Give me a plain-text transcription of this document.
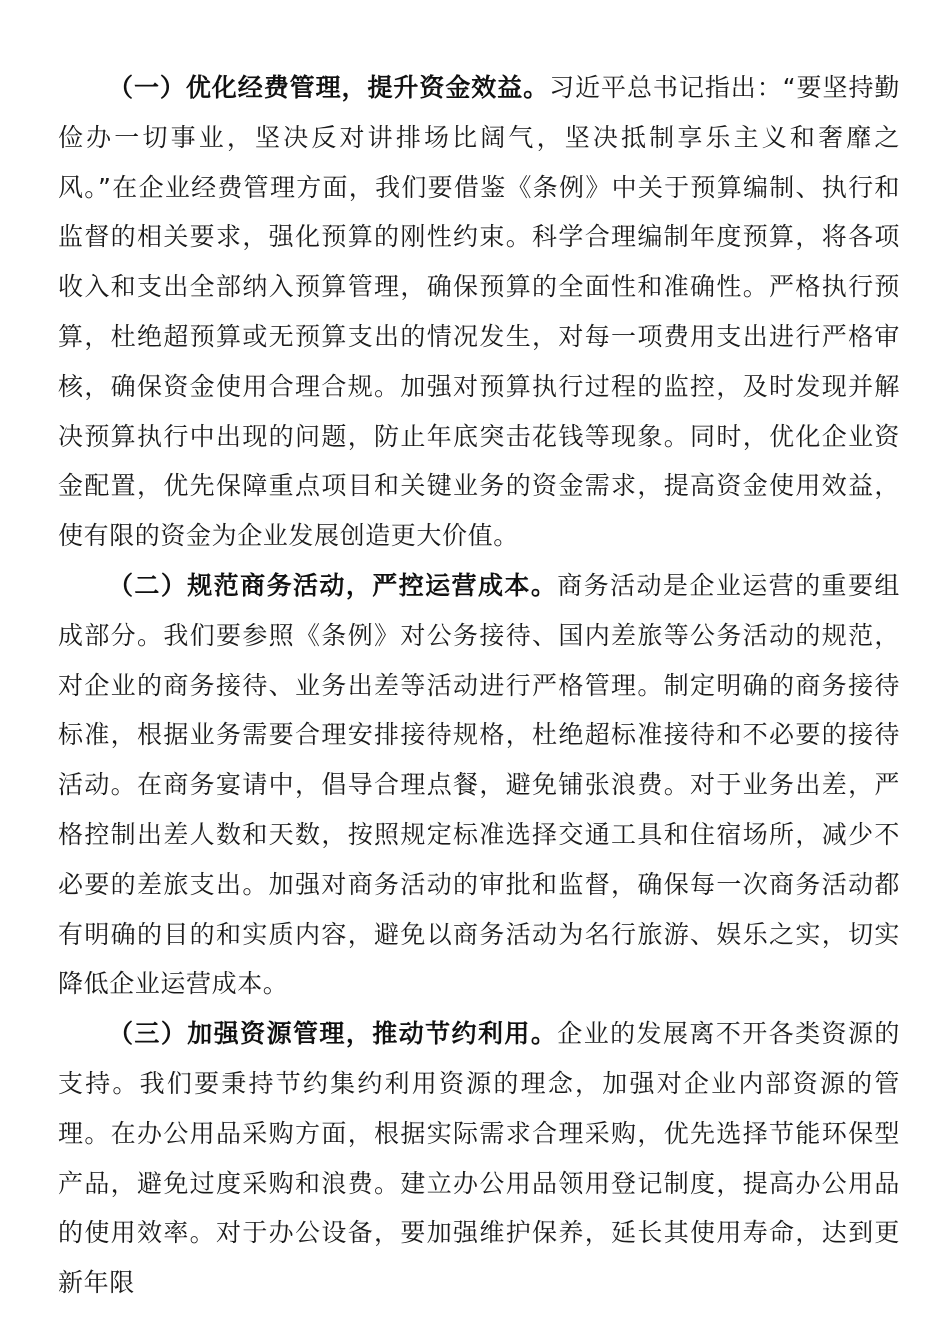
（一）优化经费管理，提升资金效益。习近平总书记指出：“要坚持勤俭办一切事业，坚决反对讲排场比阔气，坚决抵制享乐主义和奢靡之风。”在企业经费管理方面，我们要借鉴《条例》中关于预算编制、执行和监督的相关要求，强化预算的刚性约束。科学合理编制年度预算，将各项收入和支出全部纳入预算管理，确保预算的全面性和准确性。严格执行预算，杜绝超预算或无预算支出的情况发生，对每一项费用支出进行严格审核，确保资金使用合理合规。加强对预算执行过程的监控，及时发现并解决预算执行中出现的问题，防止年底突击花钱等现象。同时，优化企业资金配置，优先保障重点项目和关键业务的资金需求，提高资金使用效益，使有限的资金为企业发展创造更大价值。

（二）规范商务活动，严控运营成本。商务活动是企业运营的重要组成部分。我们要参照《条例》对公务接待、国内差旅等公务活动的规范，对企业的商务接待、业务出差等活动进行严格管理。制定明确的商务接待标准，根据业务需要合理安排接待规格，杜绝超标准接待和不必要的接待活动。在商务宴请中，倡导合理点餐，避免铺张浪费。对于业务出差，严格控制出差人数和天数，按照规定标准选择交通工具和住宿场所，减少不必要的差旅支出。加强对商务活动的审批和监督，确保每一次商务活动都有明确的目的和实质内容，避免以商务活动为名行旅游、娱乐之实，切实降低企业运营成本。

（三）加强资源管理，推动节约利用。企业的发展离不开各类资源的支持。我们要秉持节约集约利用资源的理念，加强对企业内部资源的管理。在办公用品采购方面，根据实际需求合理采购，优先选择节能环保型产品，避免过度采购和浪费。建立办公用品领用登记制度，提高办公用品的使用效率。对于办公设备，要加强维护保养，延长其使用寿命，达到更新年限
